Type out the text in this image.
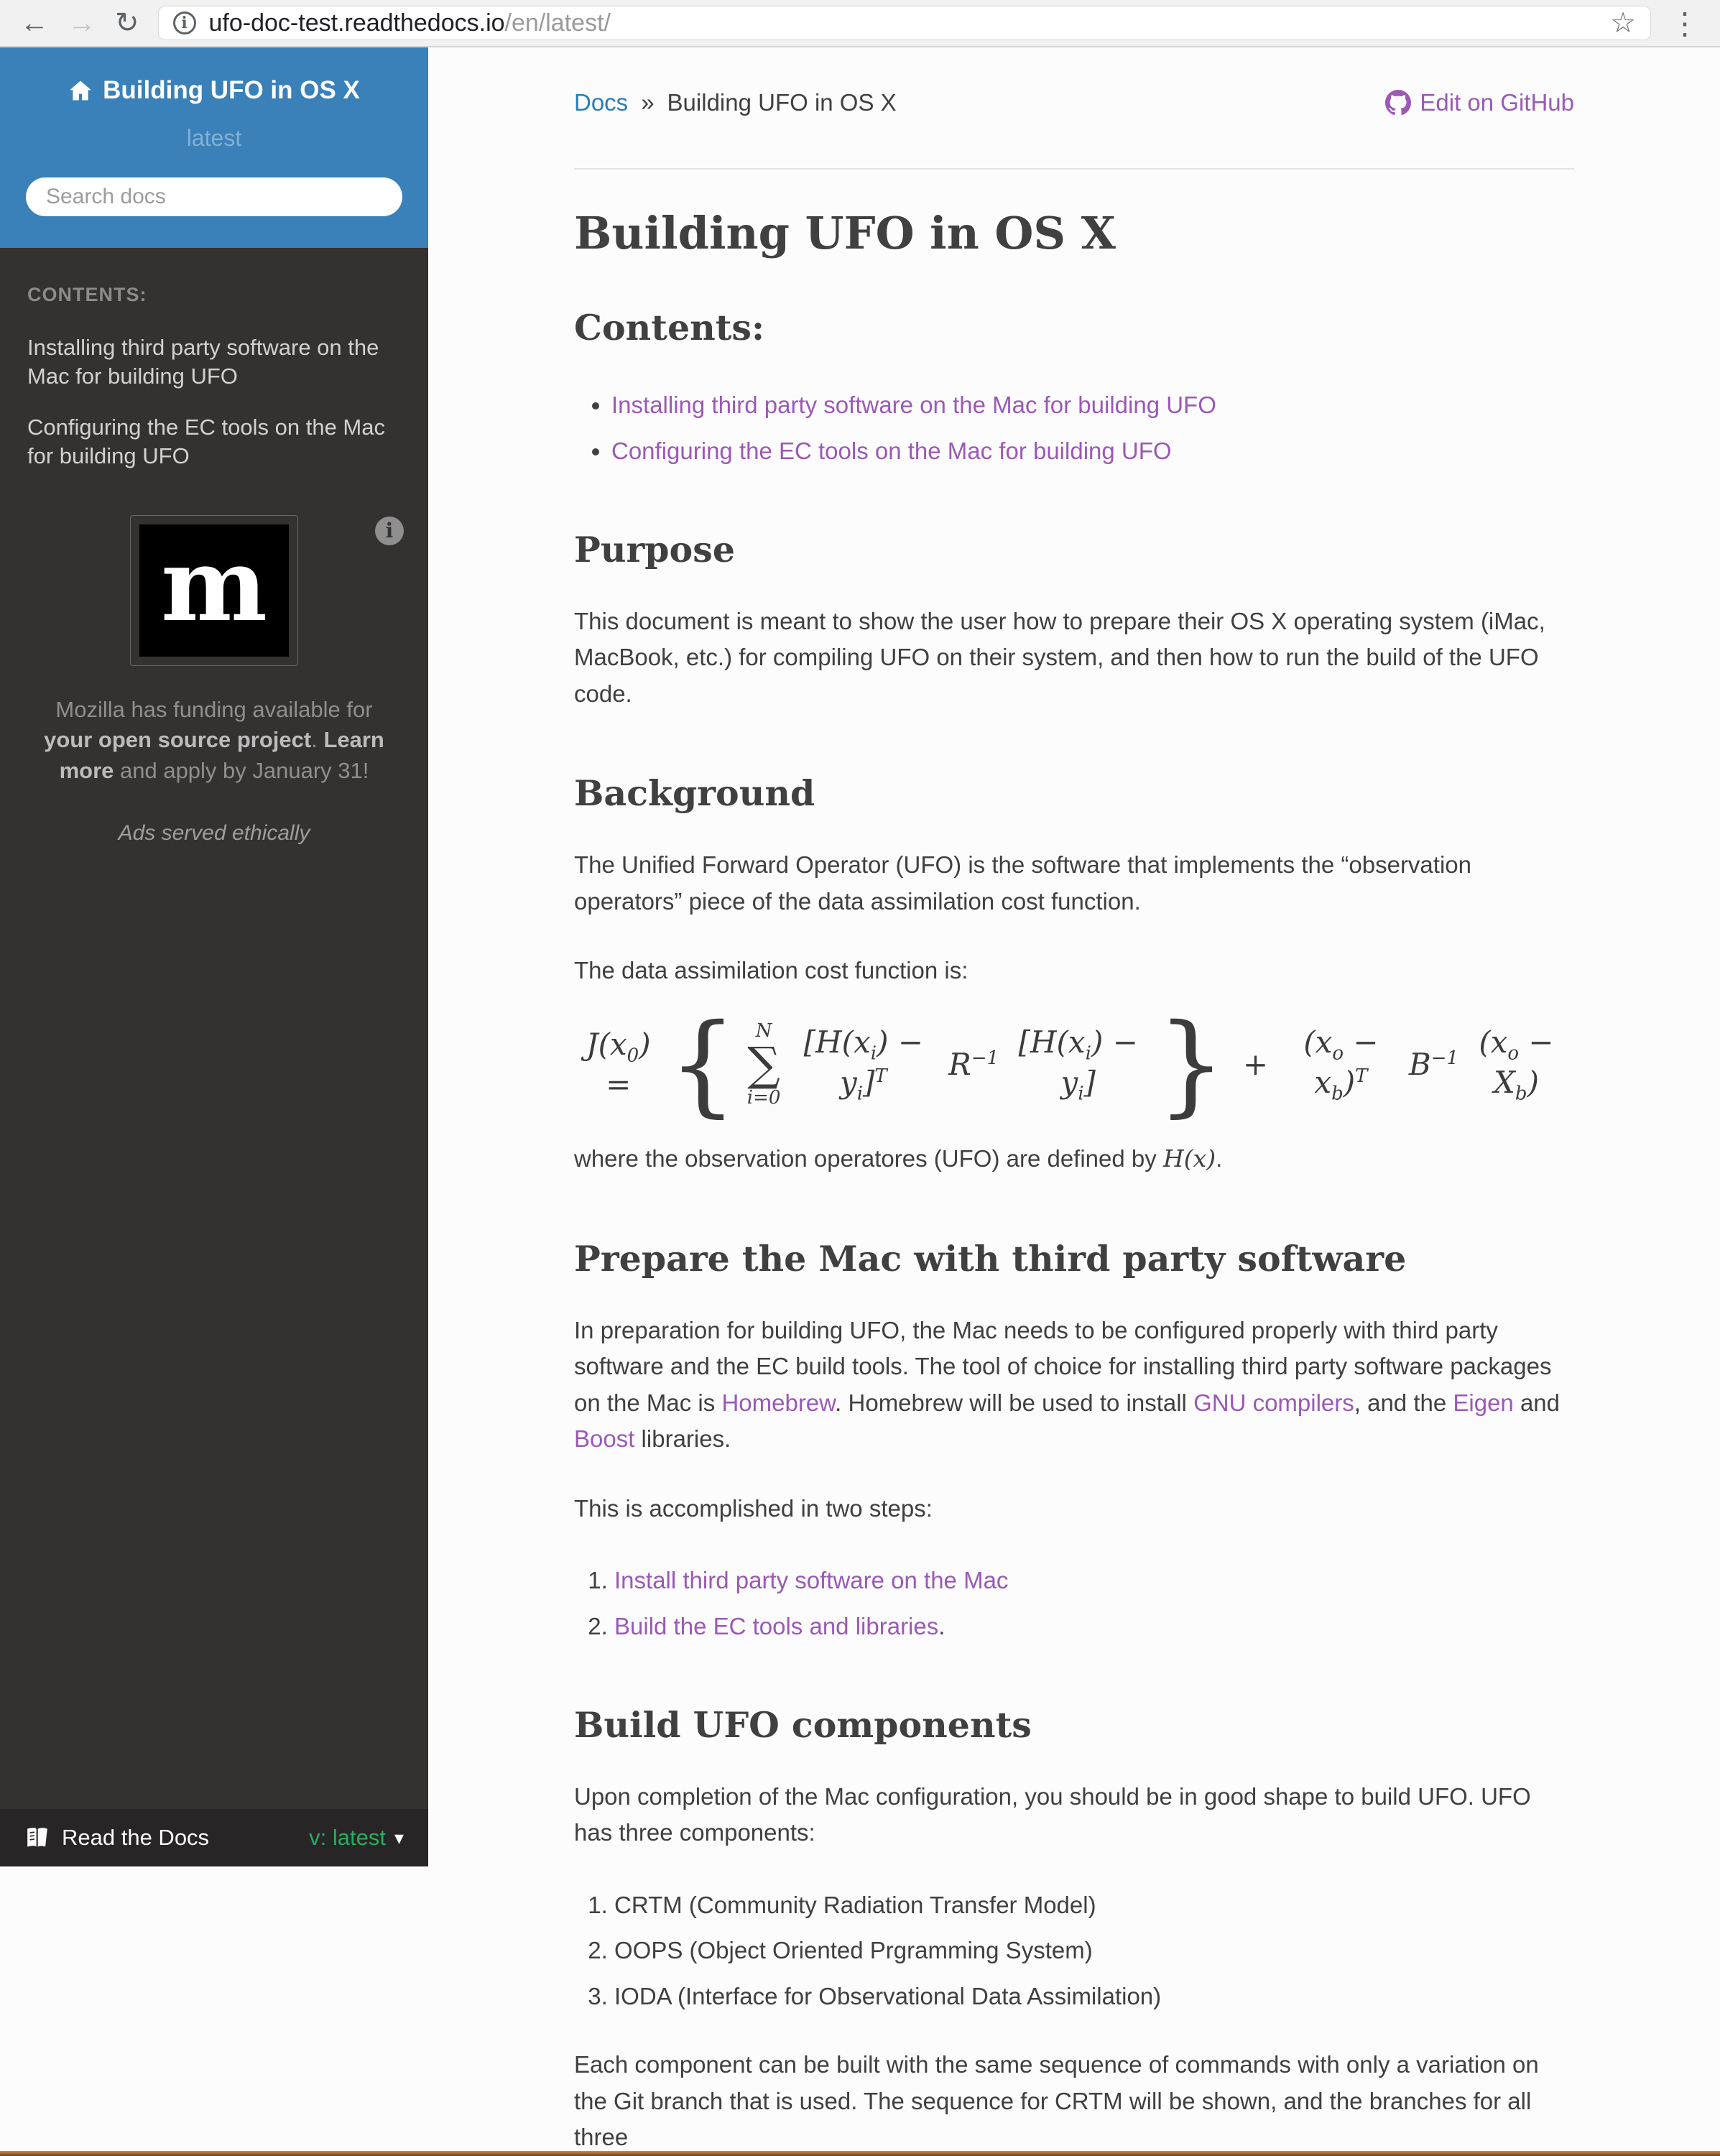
← → ↻	i ufo-doc-test.readthedocs.io/en/latest/	☆ ⋮
Building UFO in OS X
latest
Search docs
CONTENTS:
Installing third party software on the Mac for building UFO
Configuring the EC tools on the Mac for building UFO
i
m
Mozilla has funding available for your open source project. Learn more and apply by January 31!
Ads served ethically
Read the Docs	v: latest ▾
Docs » Building UFO in OS X	Edit on GitHub
Building UFO in OS X
Contents:
• Installing third party software on the Mac for building UFO
• Configuring the EC tools on the Mac for building UFO
Purpose

This document is meant to show the user how to prepare their OS X operating system (iMac, MacBook, etc.) for compiling UFO on their system, and then how to run the build of the UFO code.

Background

The Unified Forward Operator (UFO) is the software that implements the “observation operators” piece of the data assimilation cost function.

The data assimilation cost function is:

$J(x_0)$ = { N
∑
i=0
$[H(x_i) - y_i]^T$	$R^{-1}$ $[H(x_i) - y_i]$ } +
$(x_o - x_b)^T$	$B^{-1}$ $(x_o - X_b)$

where the observation operatores (UFO) are defined by H(x).

Prepare the Mac with third party software

In preparation for building UFO, the Mac needs to be configured properly with third party software and the EC build tools. The tool of choice for installing third party software packages on the Mac is Homebrew. Homebrew will be used to install GNU compilers, and the Eigen and Boost libraries.

This is accomplished in two steps:

1. Install third party software on the Mac
2. Build the EC tools and libraries.
Build UFO components

Upon completion of the Mac configuration, you should be in good shape to build UFO. UFO has three components:

1. CRTM (Community Radiation Transfer Model)
2. OOPS (Object Oriented Prgramming System)
3. IODA (Interface for Observational Data Assimilation)

Each component can be built with the same sequence of commands with only a variation on the Git branch that is used. The sequence for CRTM will be shown, and the branches for all three
